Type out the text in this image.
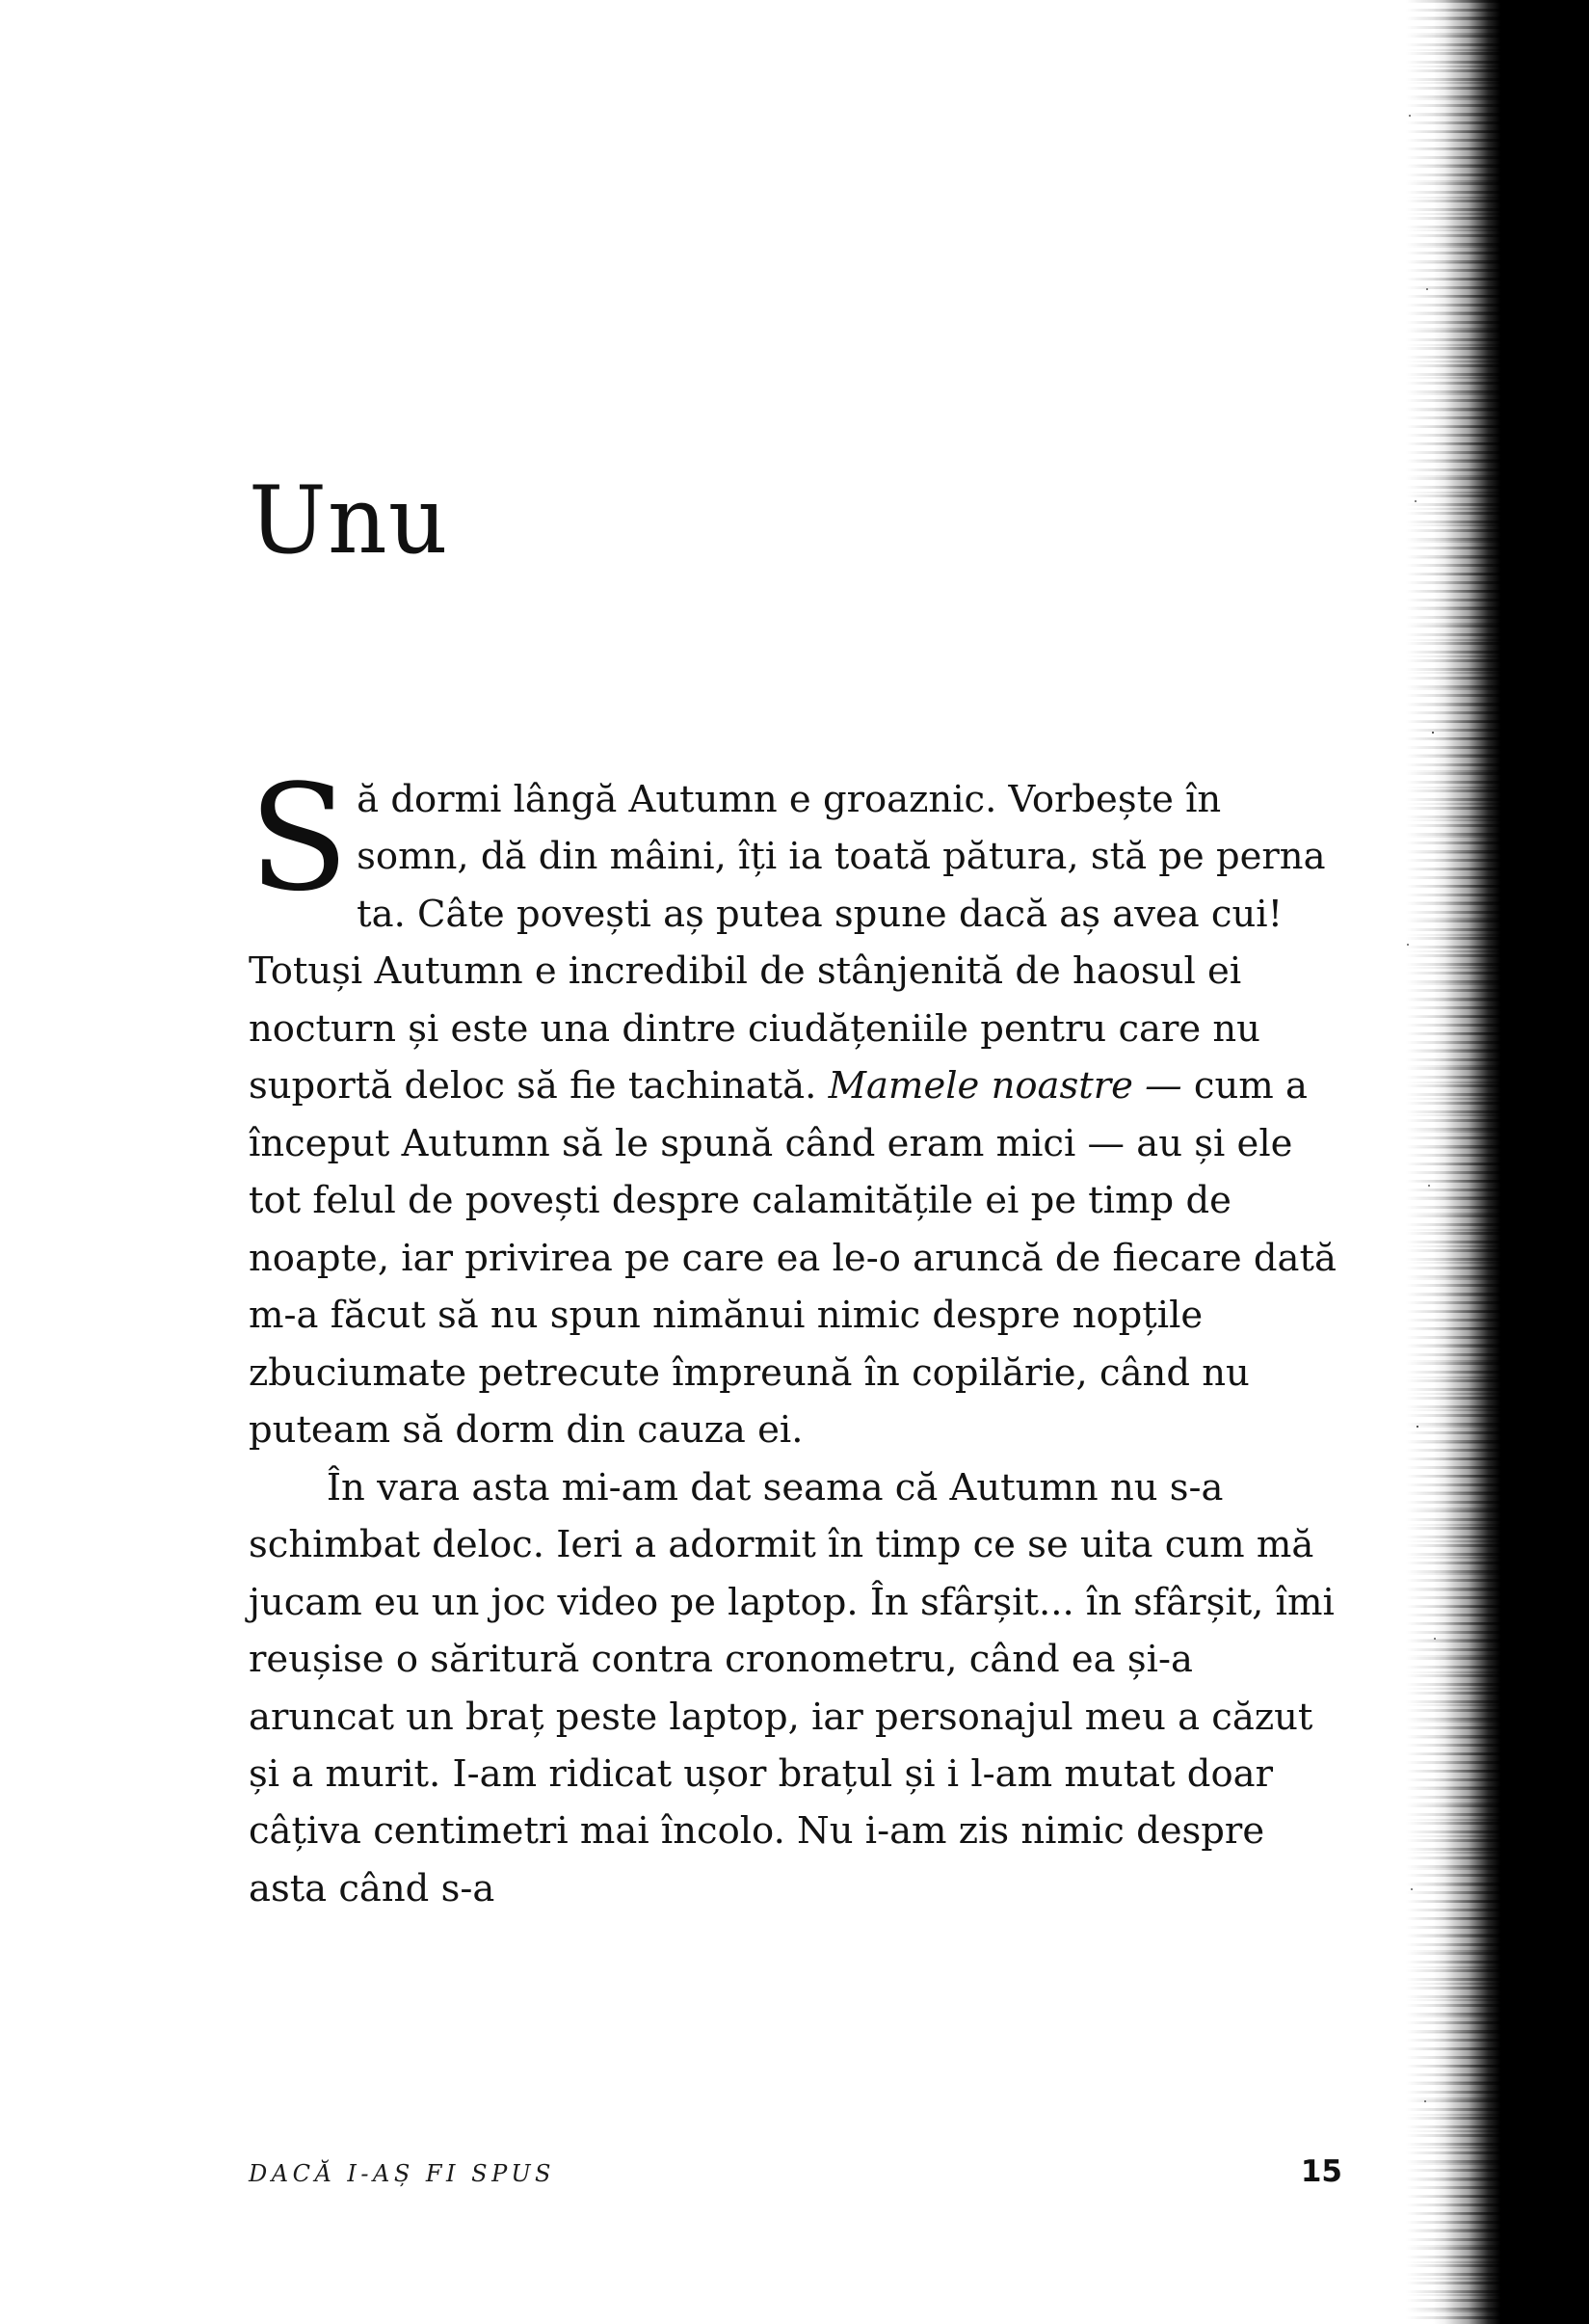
Unu

Să dormi lângă Autumn e groaznic. Vorbește în somn, dă din mâini, îți ia toată pătura, stă pe perna ta. Câte povești aș putea spune dacă aș avea cui! Totuși Autumn e incredibil de stânjenită de haosul ei nocturn și este una dintre ciudățeniile pentru care nu suportă deloc să fie tachinată. Mamele noastre — cum a început Autumn să le spună când eram mici — au și ele tot felul de povești despre calamitățile ei pe timp de noapte, iar privirea pe care ea le-o aruncă de fiecare dată m-a făcut să nu spun nimănui nimic despre nopțile zbuciumate petrecute împreună în copilărie, când nu puteam să dorm din cauza ei.

În vara asta mi-am dat seama că Autumn nu s-a schimbat deloc. Ieri a adormit în timp ce se uita cum mă jucam eu un joc video pe laptop. În sfârșit... în sfârșit, îmi reușise o săritură contra cronometru, când ea și-a aruncat un braț peste laptop, iar personajul meu a căzut și a murit. I-am ridicat ușor brațul și i l-am mutat doar câțiva centimetri mai încolo. Nu i-am zis nimic despre asta când s-a

DACĂ I-AȘ FI SPUS	15
